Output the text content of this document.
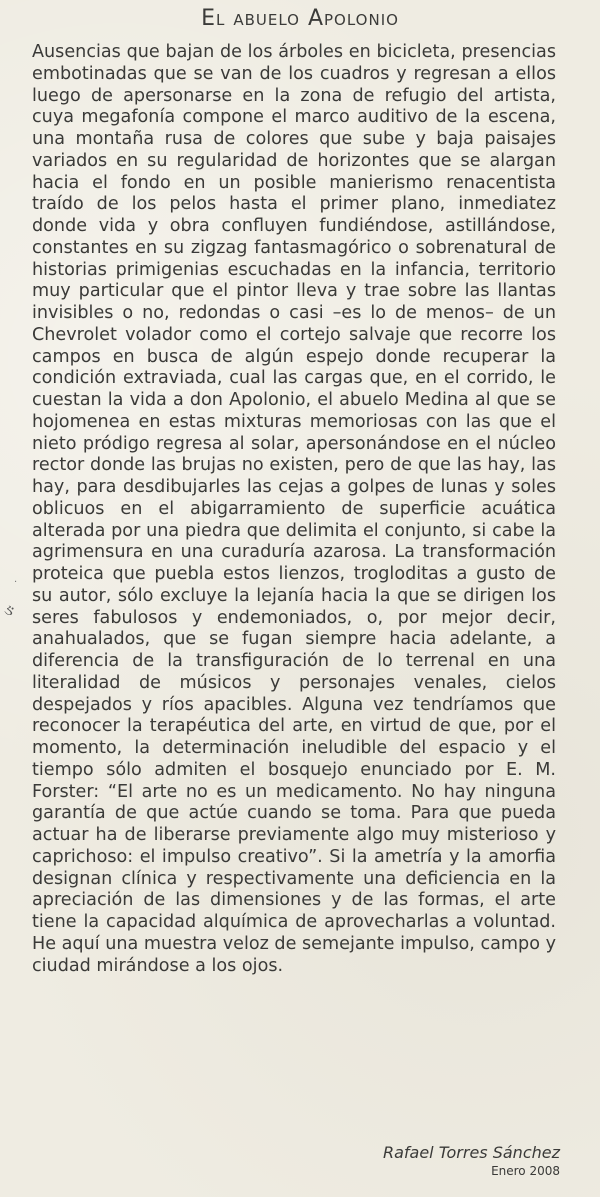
El abuelo Apolonio

Ausencias que bajan de los árboles en bicicleta, presencias embotinadas que se van de los cuadros y regresan a ellos luego de apersonarse en la zona de refugio del artista, cuya megafonía compone el marco auditivo de la escena, una montaña rusa de colores que sube y baja paisajes variados en su regularidad de horizontes que se alargan hacia el fondo en un posible manierismo renacentista traído de los pelos hasta el primer plano, inmediatez donde vida y obra confluyen fundiéndose, astillándose, constantes en su zigzag fantasmagórico o sobrenatural de historias primigenias escuchadas en la infancia, territorio muy particular que el pintor lleva y trae sobre las llantas invisibles o no, redondas o casi –es lo de menos– de un Chevrolet volador como el cortejo salvaje que recorre los campos en busca de algún espejo donde recuperar la condición extraviada, cual las cargas que, en el corrido, le cuestan la vida a don Apolonio, el abuelo Medina al que se hojomenea en estas mixturas memoriosas con las que el nieto pródigo regresa al solar, apersonándose en el núcleo rector donde las brujas no existen, pero de que las hay, las hay, para desdibujarles las cejas a golpes de lunas y soles oblicuos en el abigarramiento de superficie acuática alterada por una piedra que delimita el conjunto, si cabe la agrimensura en una curaduría azarosa. La transformación proteica que puebla estos lienzos, trogloditas a gusto de su autor, sólo excluye la lejanía hacia la que se dirigen los seres fabulosos y endemoniados, o, por mejor decir, anahualados, que se fugan siempre hacia adelante, a diferencia de la transfiguración de lo terrenal en una literalidad de músicos y personajes venales, cielos despejados y ríos apacibles. Alguna vez tendríamos que reconocer la terapéutica del arte, en virtud de que, por el momento, la determinación ineludible del espacio y el tiempo sólo admiten el bosquejo enunciado por E. M. Forster: “El arte no es un medicamento. No hay ninguna garantía de que actúe cuando se toma. Para que pueda actuar ha de liberarse previamente algo muy misterioso y caprichoso: el impulso creativo”. Si la ametría y la amorfia designan clínica y respectivamente una deficiencia en la apreciación de las dimensiones y de las formas, el arte tiene la capacidad alquímica de aprovecharlas a voluntad. He aquí una muestra veloz de semejante impulso, campo y ciudad mirándose a los ojos.

·
ઙ

Rafael Torres Sánchez

Enero 2008
